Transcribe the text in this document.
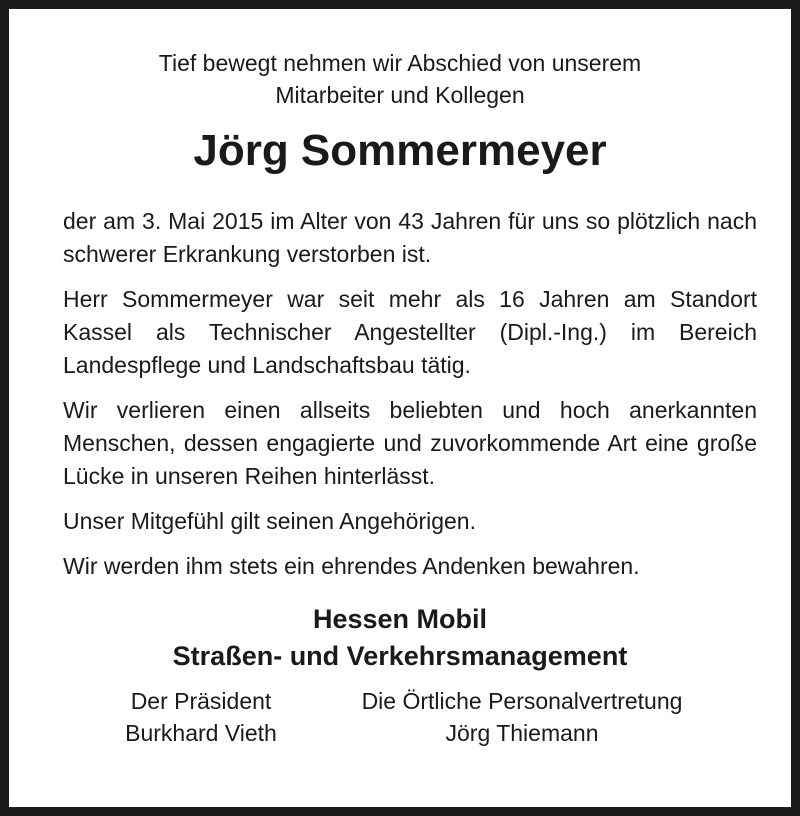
Tief bewegt nehmen wir Abschied von unserem
Mitarbeiter und Kollegen
Jörg Sommermeyer

der am 3. Mai 2015 im Alter von 43 Jahren für uns so plötzlich nach schwerer Erkrankung verstorben ist.

Herr Sommermeyer war seit mehr als 16 Jahren am Standort Kassel als Technischer Angestellter (Dipl.-Ing.) im Bereich Landespflege und Landschaftsbau tätig.

Wir verlieren einen allseits beliebten und hoch anerkannten Menschen, dessen engagierte und zuvorkommende Art eine große Lücke in unseren Reihen hinterlässt.

Unser Mitgefühl gilt seinen Angehörigen.

Wir werden ihm stets ein ehrendes Andenken bewahren.

Hessen Mobil
Straßen- und Verkehrsmanagement
Der Präsident
Burkhard Vieth
Die Örtliche Personalvertretung
Jörg Thiemann
